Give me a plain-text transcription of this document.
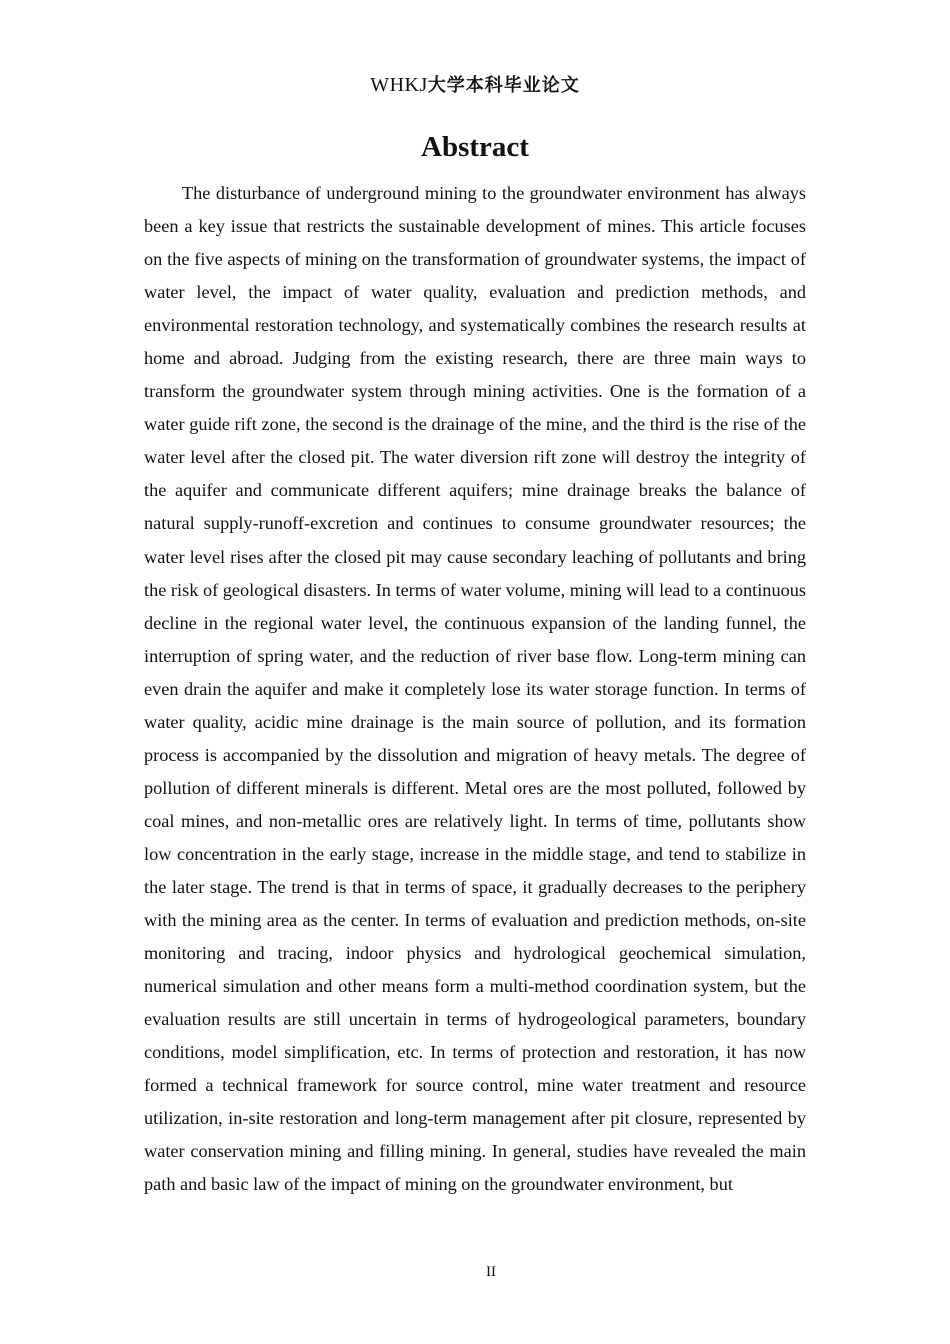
WHKJ大学本科毕业论文
Abstract

The disturbance of underground mining to the groundwater environment has always been a key issue that restricts the sustainable development of mines. This article focuses on the five aspects of mining on the transformation of groundwater systems, the impact of water level, the impact of water quality, evaluation and prediction methods, and environmental restoration technology, and systematically combines the research results at home and abroad. Judging from the existing research, there are three main ways to transform the groundwater system through mining activities. One is the formation of a water guide rift zone, the second is the drainage of the mine, and the third is the rise of the water level after the closed pit. The water diversion rift zone will destroy the integrity of the aquifer and communicate different aquifers; mine drainage breaks the balance of natural supply-runoff-excretion and continues to consume groundwater resources; the water level rises after the closed pit may cause secondary leaching of pollutants and bring the risk of geological disasters. In terms of water volume, mining will lead to a continuous decline in the regional water level, the continuous expansion of the landing funnel, the interruption of spring water, and the reduction of river base flow. Long-term mining can even drain the aquifer and make it completely lose its water storage function. In terms of water quality, acidic mine drainage is the main source of pollution, and its formation process is accompanied by the dissolution and migration of heavy metals. The degree of pollution of different minerals is different. Metal ores are the most polluted, followed by coal mines, and non-metallic ores are relatively light. In terms of time, pollutants show low concentration in the early stage, increase in the middle stage, and tend to stabilize in the later stage. The trend is that in terms of space, it gradually decreases to the periphery with the mining area as the center. In terms of evaluation and prediction methods, on-site monitoring and tracing, indoor physics and hydrological geochemical simulation, numerical simulation and other means form a multi-method coordination system, but the evaluation results are still uncertain in terms of hydrogeological parameters, boundary conditions, model simplification, etc. In terms of protection and restoration, it has now formed a technical framework for source control, mine water treatment and resource utilization, in-site restoration and long-term management after pit closure, represented by water conservation mining and filling mining. In general, studies have revealed the main path and basic law of the impact of mining on the groundwater environment, but

II
